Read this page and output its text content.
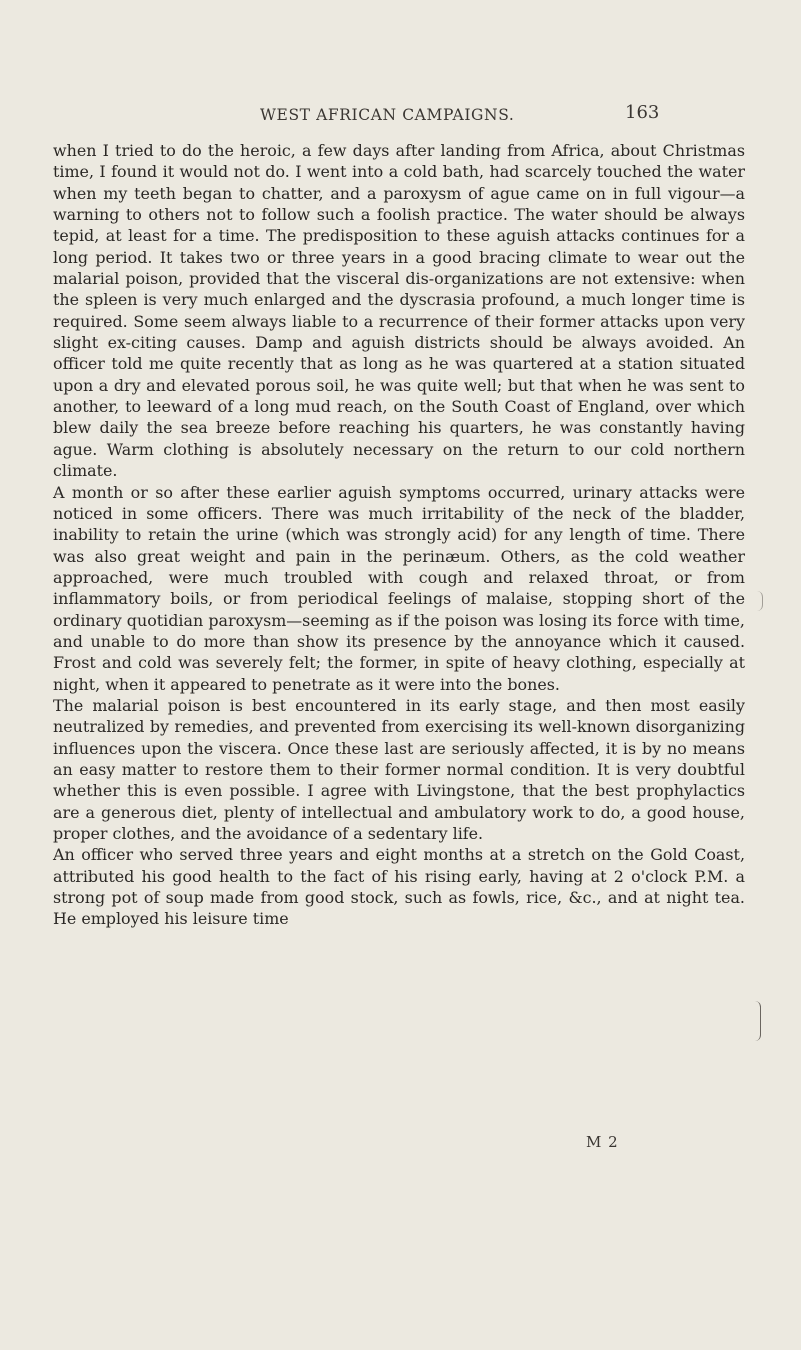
WEST AFRICAN CAMPAIGNS.	163

when I tried to do the heroic, a few days after landing from Africa, about Christmas time, I found it would not do. I went into a cold bath, had scarcely touched the water when my teeth began to chatter, and a paroxysm of ague came on in full vigour—a warning to others not to follow such a foolish practice. The water should be always tepid, at least for a time. The predisposition to these aguish attacks continues for a long period. It takes two or three years in a good bracing climate to wear out the malarial poison, provided that the visceral dis-organizations are not extensive: when the spleen is very much enlarged and the dyscrasia profound, a much longer time is required. Some seem always liable to a recurrence of their former attacks upon very slight ex-citing causes. Damp and aguish districts should be always avoided. An officer told me quite recently that as long as he was quartered at a station situated upon a dry and elevated porous soil, he was quite well; but that when he was sent to another, to leeward of a long mud reach, on the South Coast of England, over which blew daily the sea breeze before reaching his quarters, he was constantly having ague. Warm clothing is absolutely necessary on the return to our cold northern climate.

A month or so after these earlier aguish symptoms occurred, urinary attacks were noticed in some officers. There was much irritability of the neck of the bladder, inability to retain the urine (which was strongly acid) for any length of time. There was also great weight and pain in the perinæum. Others, as the cold weather approached, were much troubled with cough and relaxed throat, or from inflammatory boils, or from periodical feelings of malaise, stopping short of the ordinary quotidian paroxysm—seeming as if the poison was losing its force with time, and unable to do more than show its presence by the annoyance which it caused. Frost and cold was severely felt; the former, in spite of heavy clothing, especially at night, when it appeared to penetrate as it were into the bones.

The malarial poison is best encountered in its early stage, and then most easily neutralized by remedies, and prevented from exercising its well-known disorganizing influences upon the viscera. Once these last are seriously affected, it is by no means an easy matter to restore them to their former normal condition. It is very doubtful whether this is even possible. I agree with Livingstone, that the best prophylactics are a generous diet, plenty of intellectual and ambulatory work to do, a good house, proper clothes, and the avoidance of a sedentary life.

An officer who served three years and eight months at a stretch on the Gold Coast, attributed his good health to the fact of his rising early, having at 2 o'clock P.M. a strong pot of soup made from good stock, such as fowls, rice, &c., and at night tea. He employed his leisure time

M 2
